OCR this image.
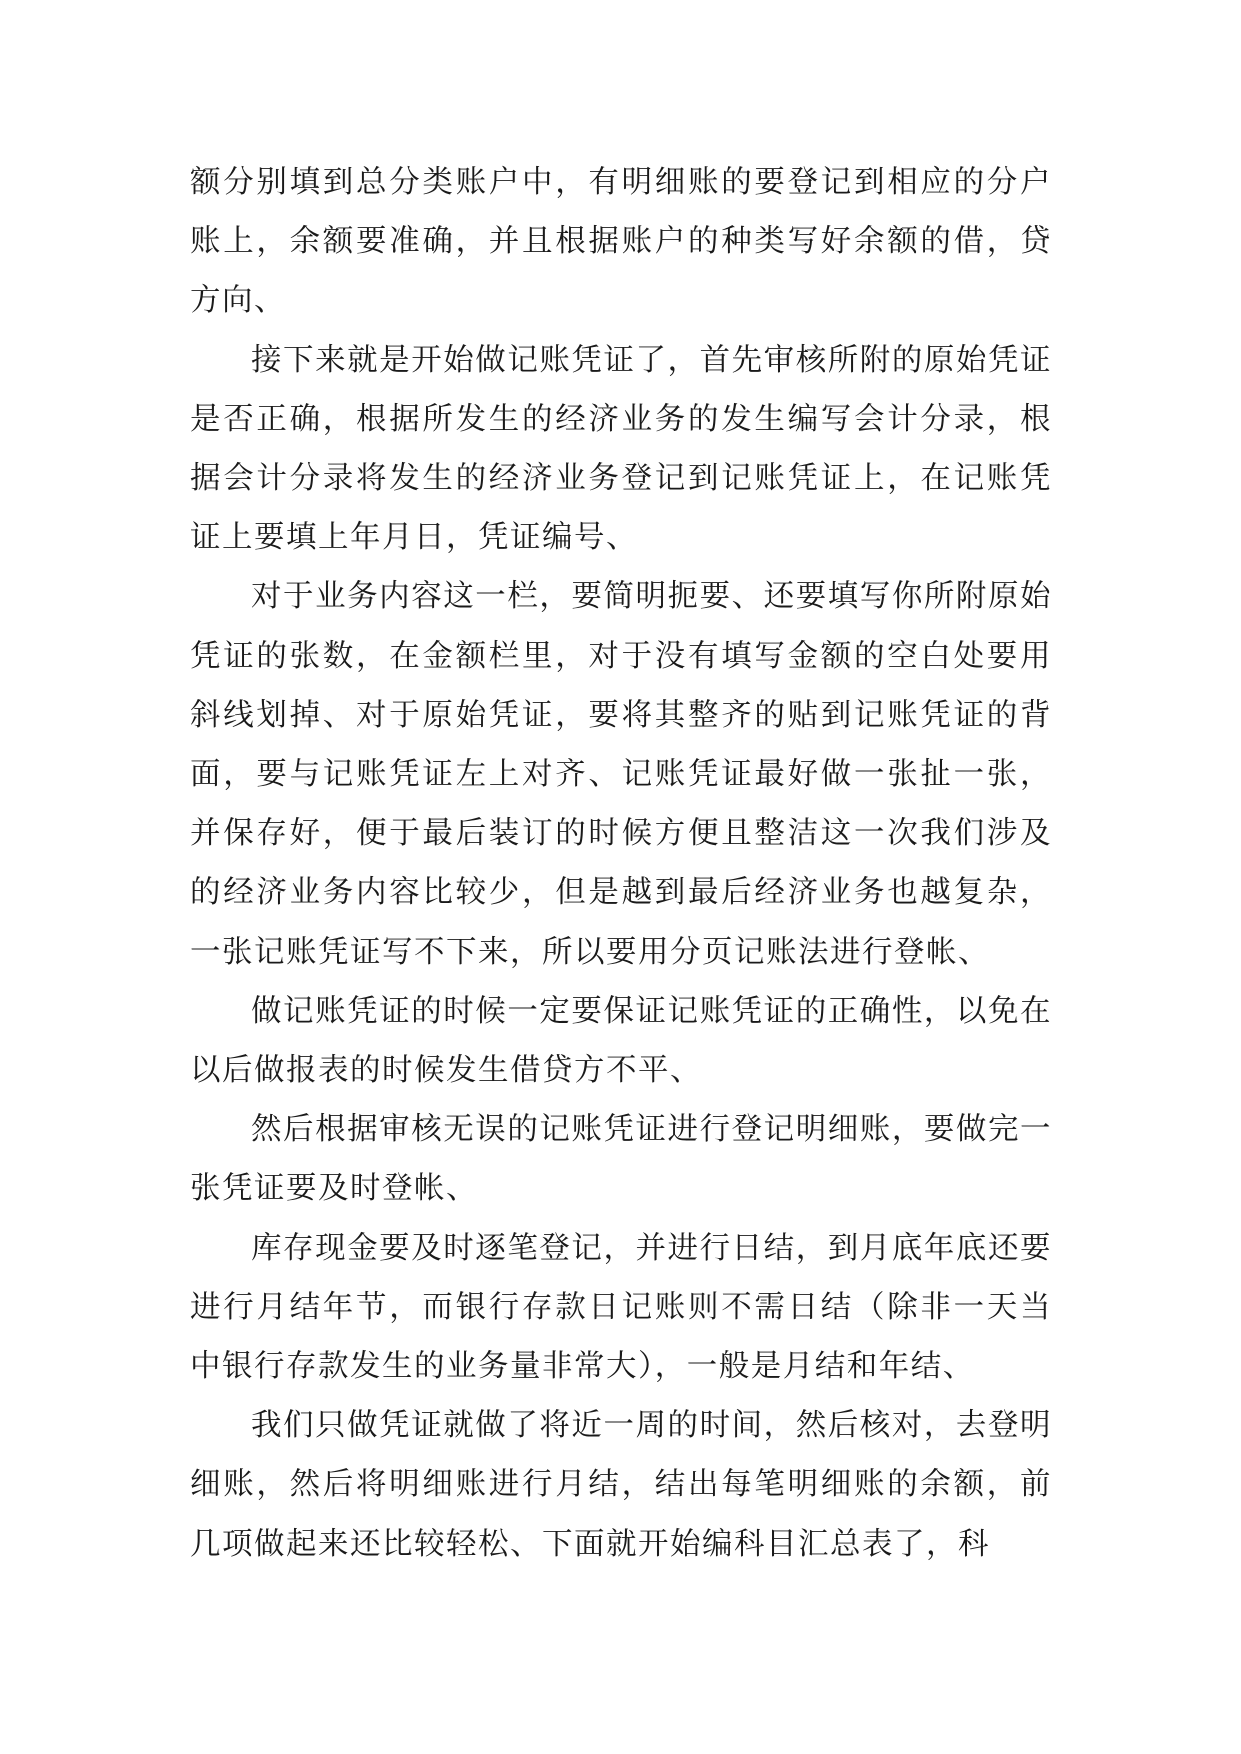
额分别填到总分类账户中，有明细账的要登记到相应的分户账上，余额要准确，并且根据账户的种类写好余额的借，贷方向、

接下来就是开始做记账凭证了，首先审核所附的原始凭证是否正确，根据所发生的经济业务的发生编写会计分录，根据会计分录将发生的经济业务登记到记账凭证上，在记账凭证上要填上年月日，凭证编号、

对于业务内容这一栏，要简明扼要、还要填写你所附原始凭证的张数，在金额栏里，对于没有填写金额的空白处要用斜线划掉、对于原始凭证，要将其整齐的贴到记账凭证的背面，要与记账凭证左上对齐、记账凭证最好做一张扯一张，并保存好，便于最后装订的时候方便且整洁这一次我们涉及的经济业务内容比较少，但是越到最后经济业务也越复杂，一张记账凭证写不下来，所以要用分页记账法进行登帐、

做记账凭证的时候一定要保证记账凭证的正确性，以免在以后做报表的时候发生借贷方不平、

然后根据审核无误的记账凭证进行登记明细账，要做完一张凭证要及时登帐、

库存现金要及时逐笔登记，并进行日结，到月底年底还要进行月结年节，而银行存款日记账则不需日结（除非一天当中银行存款发生的业务量非常大），一般是月结和年结、

我们只做凭证就做了将近一周的时间，然后核对，去登明细账，然后将明细账进行月结，结出每笔明细账的余额，前几项做起来还比较轻松、下面就开始编科目汇总表了，科
